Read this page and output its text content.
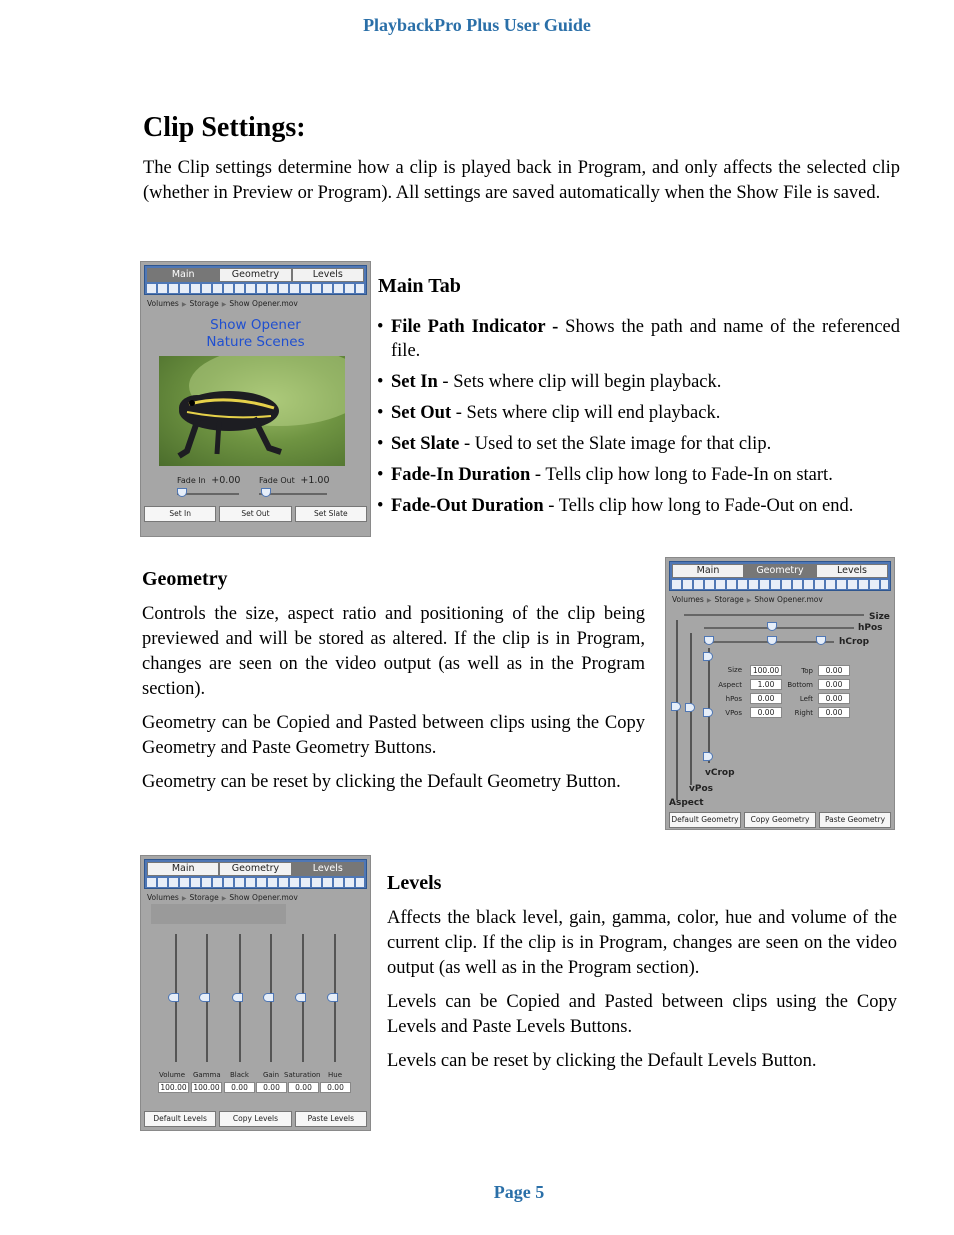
PlaybackPro Plus User Guide
Clip Settings:
The Clip settings determine how a clip is played back in Program, and only affects the selected clip (whether in Preview or Program). All settings are saved automatically when the Show File is saved.
Main	Geometry	Levels
Volumes ▶ Storage ▶ Show Opener.mov
Show Opener
Nature Scenes
Fade In +0.00 Fade Out +1.00
Set In	Set Out	Set Slate
Main Tab
• File Path Indicator - Shows the path and name of the referenced file.
• Set In - Sets where clip will begin playback.
• Set Out - Sets where clip will end playback.
• Set Slate - Used to set the Slate image for that clip.
• Fade-In Duration - Tells clip how long to Fade-In on start.
• Fade-Out Duration - Tells clip how long to Fade-Out on end.
Geometry

Controls the size, aspect ratio and positioning of the clip being previewed and will be stored as altered. If the clip is in Program, changes are seen on the video output (as well as in the Program section).

Geometry can be Copied and Pasted between clips using the Copy Geometry and Paste Geometry Buttons.

Geometry can be reset by clicking the Default Geometry Button.

Main	Geometry	Levels
Volumes ▶ Storage ▶ Show Opener.mov
Size
hPos
hCrop
vCrop
vPos
Aspect
Size	100.00
Aspect	1.00
hPos	0.00
VPos	0.00
Top	0.00
Bottom	0.00
Left	0.00
Right	0.00
Default Geometry	Copy Geometry	Paste Geometry
Main	Geometry	Levels
Volumes ▶ Storage ▶ Show Opener.mov
Volume Gamma Black Gain Saturation Hue
100.00 100.00	0.00	0.00	0.00	0.00
Default Levels	Copy Levels	Paste Levels
Levels

Affects the black level, gain, gamma, color, hue and volume of the current clip. If the clip is in Program, changes are seen on the video output (as well as in the Program section).

Levels can be Copied and Pasted between clips using the Copy Levels and Paste Levels Buttons.

Levels can be reset by clicking the Default Levels Button.

Page 5
